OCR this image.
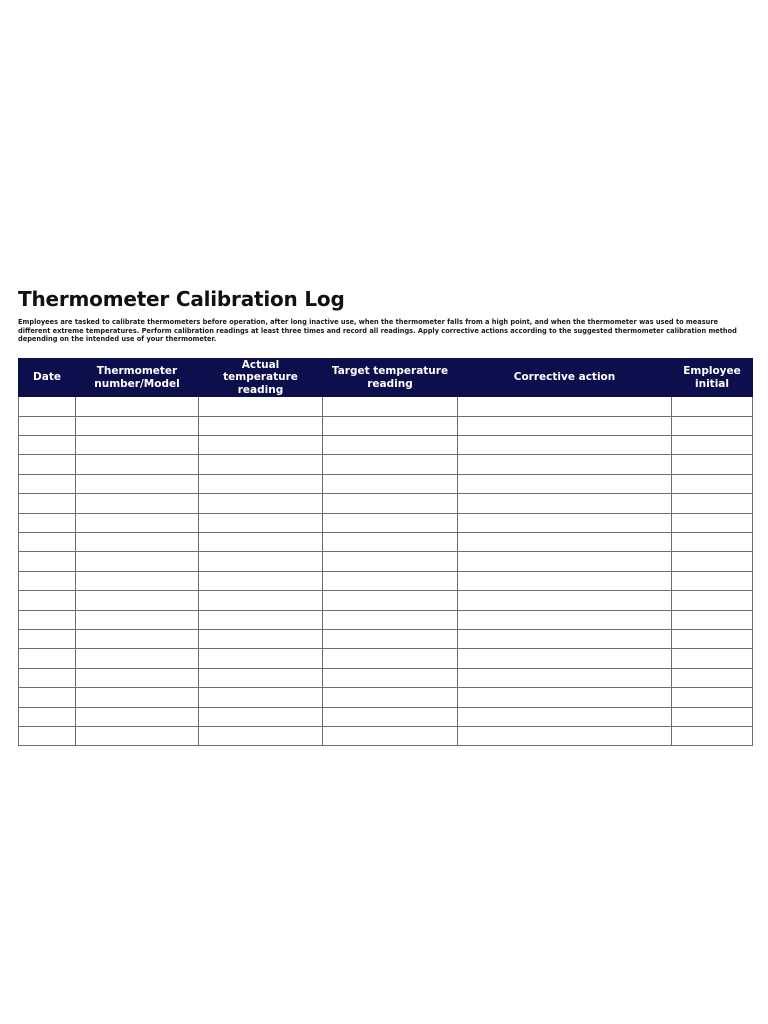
Thermometer Calibration Log

Employees are tasked to calibrate thermometers before operation, after long inactive use, when the thermometer falls from a high point, and when the thermometer was used to measure different extreme temperatures. Perform calibration readings at least three times and record all readings. Apply corrective actions according to the suggested thermometer calibration method depending on the intended use of your thermometer.

Date	Thermometer number/Model	Actual temperature reading	Target temperature reading	Corrective action	Employee initial
